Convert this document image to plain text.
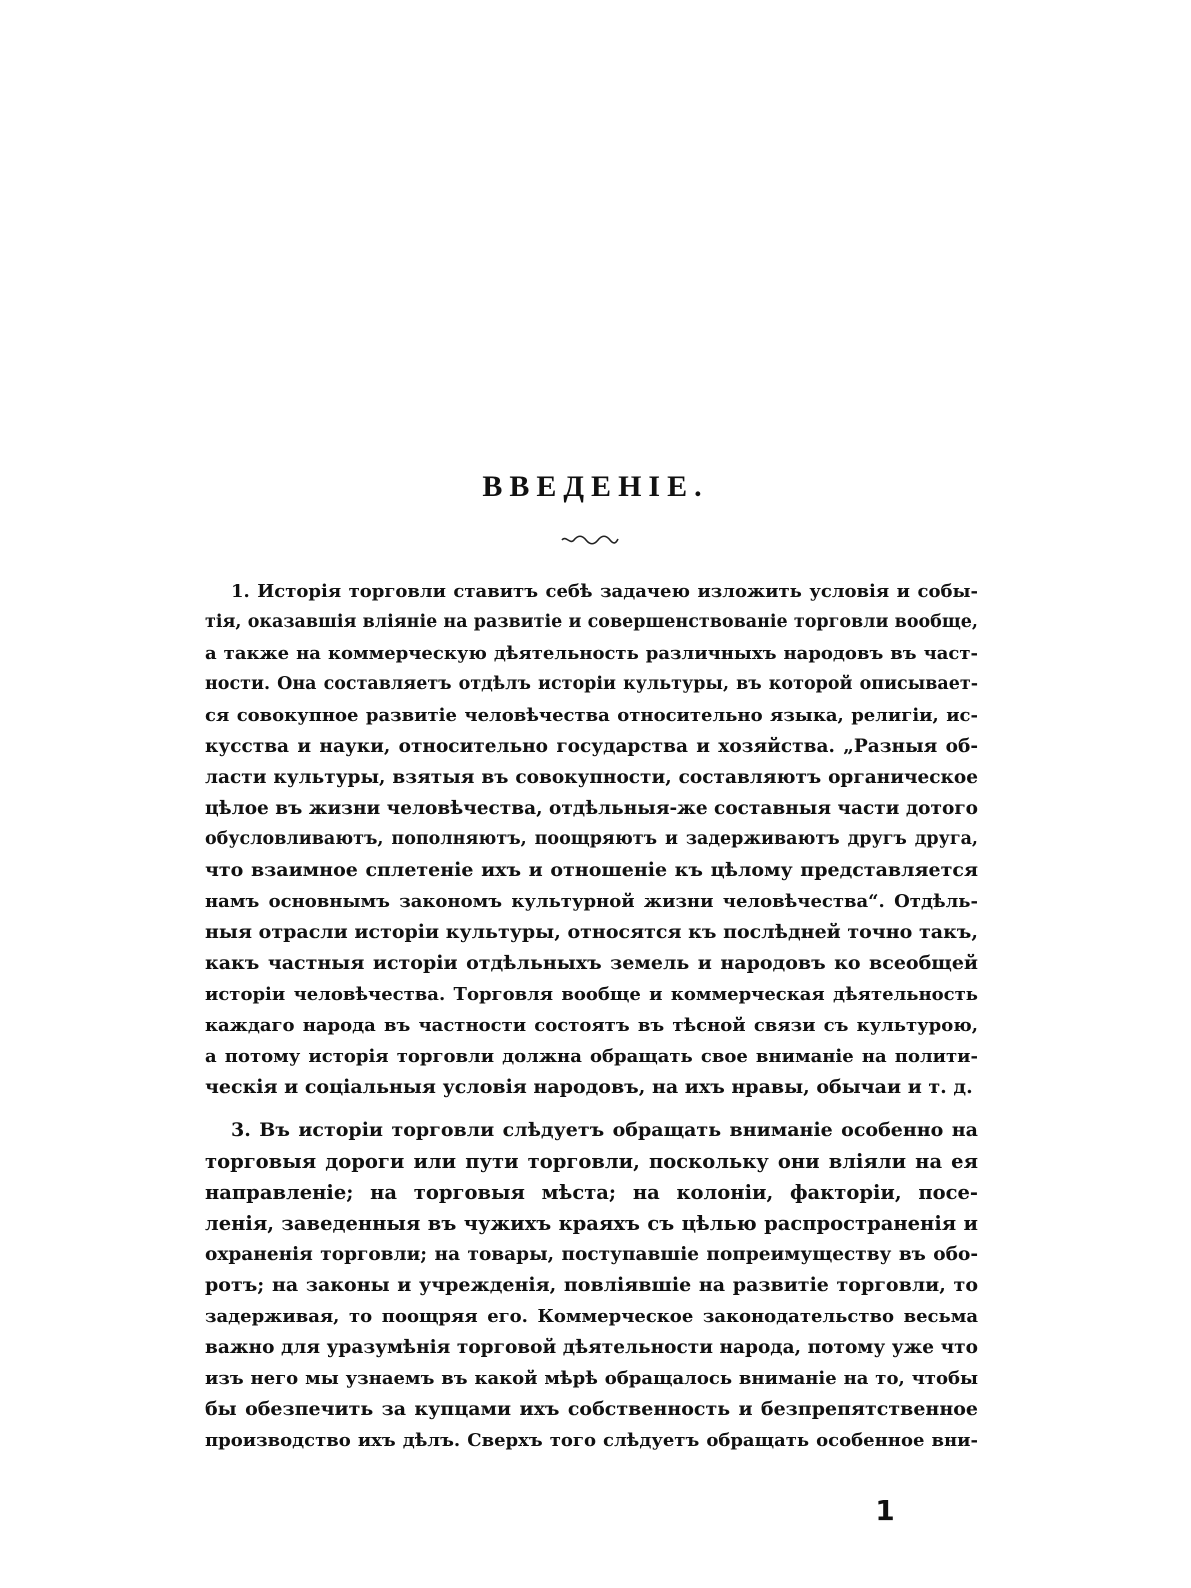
ВВЕДЕНІЕ.
1. Исторія торговли ставитъ себѣ задачею изложить условія и собы-
тія, оказавшія вліяніе на развитіе и совершенствованіе торговли вообще,
а также на коммерческую дѣятельность различныхъ народовъ въ част-
ности. Она составляетъ отдѣлъ исторіи культуры, въ которой описывает-
ся совокупное развитіе человѣчества относительно языка, религіи, ис-
кусства и науки, относительно государства и хозяйства. „Разныя об-
ласти культуры, взятыя въ совокупности, составляютъ органическое
цѣлое въ жизни человѣчества, отдѣльныя-же составныя части дотого
обусловливаютъ, пополняютъ, поощряютъ и задерживаютъ другъ друга,
что взаимное сплетеніе ихъ и отношеніе къ цѣлому представляется
намъ основнымъ закономъ культурной жизни человѣчества“. Отдѣль-
ныя отрасли исторіи культуры, относятся къ послѣдней точно такъ,
какъ частныя исторіи отдѣльныхъ земель и народовъ ко всеобщей
исторіи человѣчества. Торговля вообще и коммерческая дѣятельность
каждаго народа въ частности состоятъ въ тѣсной связи съ культурою,
а потому исторія торговли должна обращать свое вниманіе на полити-
ческія и соціальныя условія народовъ, на ихъ нравы, обычаи и т. д.
3. Въ исторіи торговли слѣдуетъ обращать вниманіе особенно на
торговыя дороги или пути торговли, поскольку они вліяли на ея
направленіе; на торговыя мѣста; на колоніи, факторіи, посе-
ленія, заведенныя въ чужихъ краяхъ съ цѣлью распространенія и
охраненія торговли; на товары, поступавшіе попреимуществу въ обо-
ротъ; на законы и учрежденія, повліявшіе на развитіе торговли, то
задерживая, то поощряя его. Коммерческое законодательство весьма
важно для уразумѣнія торговой дѣятельности народа, потому уже что
изъ него мы узнаемъ въ какой мѣрѣ обращалось вниманіе на то, чтобы
бы обезпечить за купцами ихъ собственность и безпрепятственное
производство ихъ дѣлъ. Сверхъ того слѣдуетъ обращать особенное вни-
1
